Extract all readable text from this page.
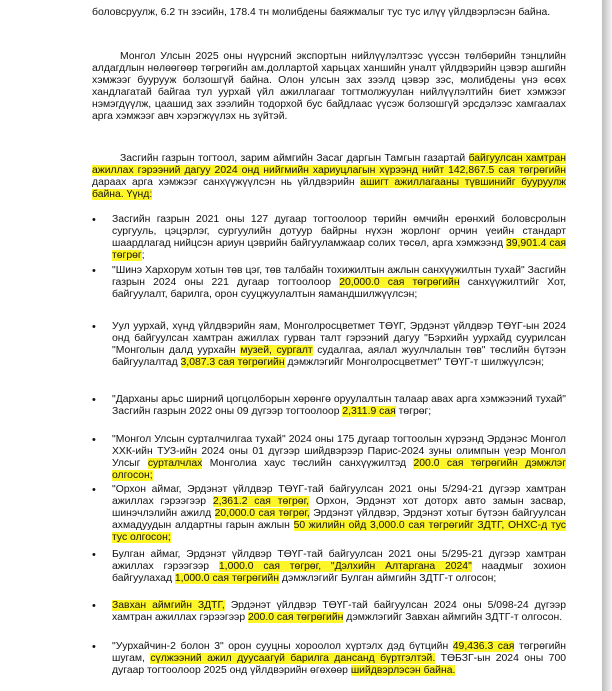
боловсруулж, 6.2 тн зэсийн, 178.4 тн молибдены баяжмалыг тус тус илүү үйлдвэрлэсэн байна.

Монгол Улсын 2025 оны нүүрсний экспортын нийлүүлэлтээс үүссэн төлбөрийн тэнцлийн алдагдлын нөлөөгөөр төгрөгийн ам.доллартой харьцах ханшийн уналт үйлдвэрийн цэвэр ашгийн хэмжээг буурууж болзошгүй байна. Олон улсын зах зээлд цэвэр зэс, молибдены үнэ өсөх хандлагатай байгаа тул уурхай үйл ажиллагааг тогтмолжуулан нийлүүлэлтийн биет хэмжээг нэмэгдүүлж, цаашид зах зээлийн тодорхой бус байдлаас үүсэж болзошгүй эрсдэлээс хамгаалах арга хэмжээг авч хэрэгжүүлэх нь зүйтэй.

Засгийн газрын тогтоол, зарим аймгийн Засаг даргын Тамгын газартай байгуулсан хамтран ажиллах гэрээний дагуу 2024 онд нийгмийн хариуцлагын хүрээнд нийт 142,867.5 сая төгрөгийн дараах арга хэмжээг санхүүжүүлсэн нь үйлдвэрийн ашигт ажиллагааны түвшинийг бууруулж байна. Үүнд:

•	Засгийн газрын 2021 оны 127 дугаар тогтоолоор төрийн өмчийн ерөнхий боловсролын сургууль, цэцэрлэг, сургуулийн дотуур байрны нүхэн жорлонг орчин үеийн стандарт шаардлагад нийцсэн ариун цэврийн байгууламжаар солих төсөл, арга хэмжээнд 39,901.4 сая төгрөг;

•	"Шинэ Хархорум хотын төв цэг, төв талбайн тохижилтын ажлын санхүүжилтын тухай" Засгийн газрын 2024 оны 221 дугаар тогтоолоор 20,000.0 сая төгрөгийн санхүүжилтийг Хот, байгуулалт, барилга, орон сууцжуулалтын яамандшилжүүлсэн;

•	Уул уурхай, хүнд үйлдвэрийн яам, Монголросцветмет ТӨҮГ, Эрдэнэт үйлдвэр ТӨҮГ-ын 2024 онд байгуулсан хамтран ажиллах гурван талт гэрээний дагуу "Бэрхийн уурхайд суурилсан "Монголын далд уурхайн музей, сургалт судалгаа, аялал жуулчлалын төв" төслийн бүтээн байгуулалтад 3,087.3 сая төгрөгийн дэмжлэгийг Монголросцветмет" ТӨҮГ-т шилжүүлсэн;

•	"Дарханы арьс ширний цогцолборын хөрөнгө оруулалтын талаар авах арга хэмжээний тухай" Засгийн газрын 2022 оны 09 дүгээр тогтоолоор 2,311.9 сая төгрөг;

•	"Монгол Улсын сурталчилгаа тухай" 2024 оны 175 дугаар тогтоолын хүрээнд Эрдэнэс Монгол ХХК-ийн ТУЗ-ийн 2024 оны 01 дүгээр шийдвэрээр Парис-2024 зуны олимпын үеэр Монгол Улсыг сурталчлах Монголиа хаус төслийн санхүүжилтэд 200.0 сая төгрөгийн дэмжлэг олгосон;

•	"Орхон аймаг, Эрдэнэт үйлдвэр ТӨҮГ-тай байгуулсан 2021 оны 5/294-21 дүгээр хамтран ажиллах гэрээгээр 2,361.2 сая төгрөг, Орхон, Эрдэнэт хот доторх авто замын засвар, шинэчлэлийн ажилд 20,000.0 сая төгрөг, Эрдэнэт үйлдвэр, Эрдэнэт хотыг бүтээн байгуулсан ахмадуудын алдартны гарын ажлын 50 жилийн ойд 3,000.0 сая төгрөгийг ЗДТГ, ОНХС-д тус тус олгосон;

•	Булган аймаг, Эрдэнэт үйлдвэр ТӨҮГ-тай байгуулсан 2021 оны 5/295-21 дүгээр хамтран ажиллах гэрээгээр 1,000.0 сая төгрөг, "Дэлхийн Алтарганa 2024" наадмыг зохион байгуулахад 1,000.0 сая төгрөгийн дэмжлэгийг Булган аймгийн ЗДТГ-т олгосон;

•	Завхан аймгийн ЗДТГ, Эрдэнэт үйлдвэр ТӨҮГ-тай байгуулсан 2024 оны 5/098-24 дүгээр хамтран ажиллах гэрээгээр 200.0 сая төгрөгийн дэмжлэгийг Завхан аймгийн ЗДТГ-т олгосон.

•	"Уурхайчин-2 болон 3" орон сууцны хороолол хүртэлх дэд бүтцийн 49,436.3 сая төгрөгийн шугам, сүлжээний ажил дуусаагүй барилга дансанд бүртгэлтэй. ТӨБЗГ-ын 2024 оны 700 дугаар тогтоолоор 2025 онд үйлдвэрийн өгөхөөр шийдвэрлэсэн байна.
